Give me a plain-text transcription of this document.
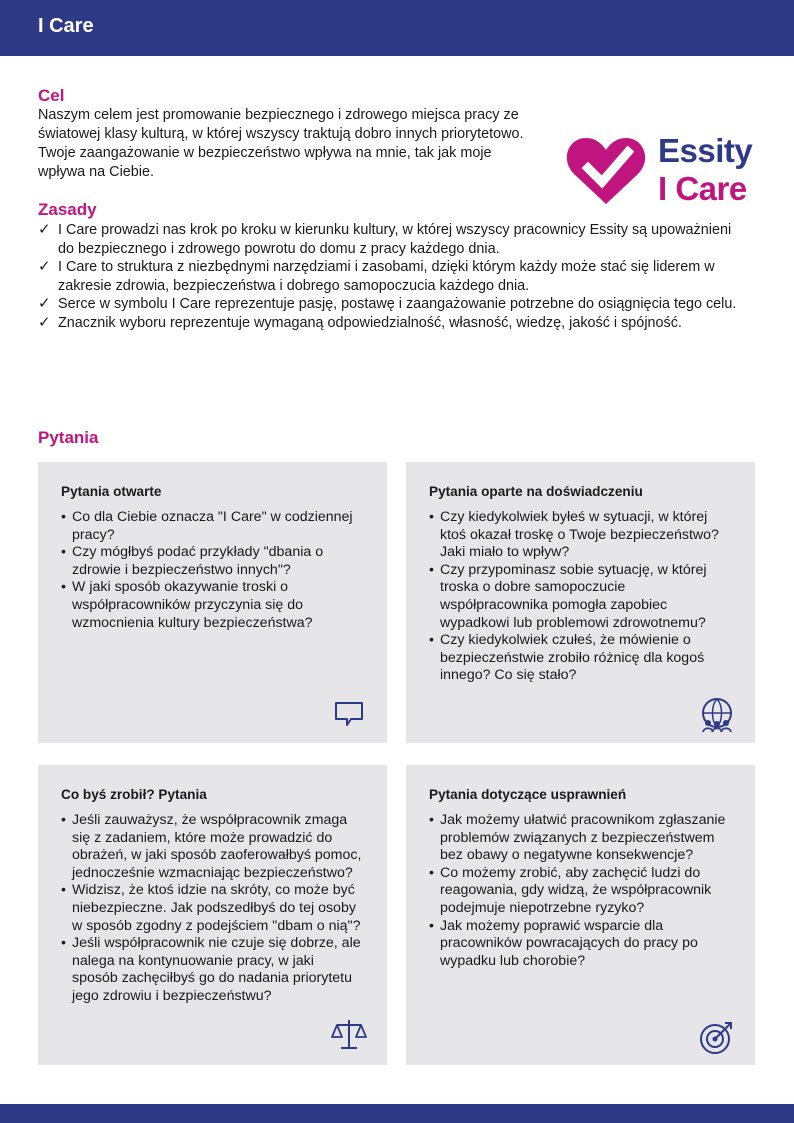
I Care
Cel
Naszym celem jest promowanie bezpiecznego i zdrowego miejsca pracy ze światowej klasy kulturą, w której wszyscy traktują dobro innych priorytetowo. Twoje zaangażowanie w bezpieczeństwo wpływa na mnie, tak jak moje wpływa na Ciebie.
Essity
I Care
Zasady
✓ I Care prowadzi nas krok po kroku w kierunku kultury, w której wszyscy pracownicy Essity są upoważnieni do bezpiecznego i zdrowego powrotu do domu z pracy każdego dnia.
✓ I Care to struktura z niezbędnymi narzędziami i zasobami, dzięki którym każdy może stać się liderem w zakresie zdrowia, bezpieczeństwa i dobrego samopoczucia każdego dnia.
✓ Serce w symbolu I Care reprezentuje pasję, postawę i zaangażowanie potrzebne do osiągnięcia tego celu.
✓ Znacznik wyboru reprezentuje wymaganą odpowiedzialność, własność, wiedzę, jakość i spójność.
Pytania
Pytania otwarte
• Co dla Ciebie oznacza "I Care" w codziennej pracy?
• Czy mógłbyś podać przykłady "dbania o zdrowie i bezpieczeństwo innych"?
• W jaki sposób okazywanie troski o współpracowników przyczynia się do wzmocnienia kultury bezpieczeństwa?
Pytania oparte na doświadczeniu
• Czy kiedykolwiek byłeś w sytuacji, w której ktoś okazał troskę o Twoje bezpieczeństwo? Jaki miało to wpływ?
• Czy przypominasz sobie sytuację, w której troska o dobre samopoczucie współpracownika pomogła zapobiec wypadkowi lub problemowi zdrowotnemu?
• Czy kiedykolwiek czułeś, że mówienie o bezpieczeństwie zrobiło różnicę dla kogoś innego? Co się stało?
Co byś zrobił? Pytania
• Jeśli zauważysz, że współpracownik zmaga się z zadaniem, które może prowadzić do obrażeń, w jaki sposób zaoferowałbyś pomoc, jednocześnie wzmacniając bezpieczeństwo?
• Widzisz, że ktoś idzie na skróty, co może być niebezpieczne. Jak podszedłbyś do tej osoby w sposób zgodny z podejściem "dbam o nią"?
• Jeśli współpracownik nie czuje się dobrze, ale nalega na kontynuowanie pracy, w jaki sposób zachęciłbyś go do nadania priorytetu jego zdrowiu i bezpieczeństwu?
Pytania dotyczące usprawnień
• Jak możemy ułatwić pracownikom zgłaszanie problemów związanych z bezpieczeństwem bez obawy o negatywne konsekwencje?
• Co możemy zrobić, aby zachęcić ludzi do reagowania, gdy widzą, że współpracownik podejmuje niepotrzebne ryzyko?
• Jak możemy poprawić wsparcie dla pracowników powracających do pracy po wypadku lub chorobie?
